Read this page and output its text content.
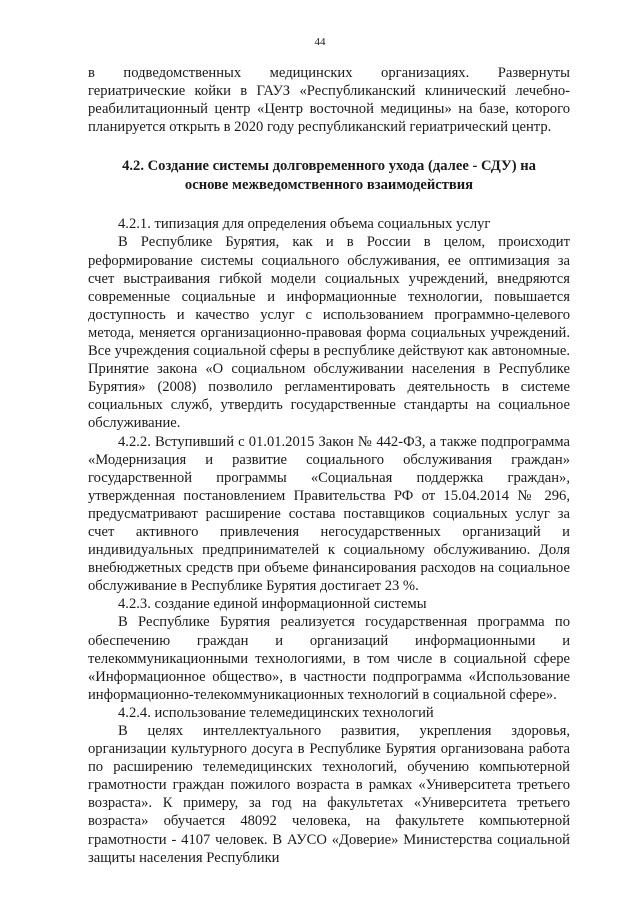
44

в подведомственных медицинских организациях. Развернуты гериатрические койки в ГАУЗ «Республиканский клинический лечебно-реабилитационный центр «Центр восточной медицины» на базе, которого планируется открыть в 2020 году республиканский гериатрический центр.

4.2. Создание системы долговременного ухода (далее - СДУ) на
основе межведомственного взаимодействия

4.2.1. типизация для определения объема социальных услуг

В Республике Бурятия, как и в России в целом, происходит реформирование системы социального обслуживания, ее оптимизация за счет выстраивания гибкой модели социальных учреждений, внедряются современные социальные и информационные технологии, повышается доступность и качество услуг с использованием программно-целевого метода, меняется организационно-правовая форма социальных учреждений. Все учреждения социальной сферы в республике действуют как автономные. Принятие закона «О социальном обслуживании населения в Республике Бурятия» (2008) позволило регламентировать деятельность в системе социальных служб, утвердить государственные стандарты на социальное обслуживание.

4.2.2. Вступивший с 01.01.2015 Закон № 442-ФЗ, а также подпрограмма «Модернизация и развитие социального обслуживания граждан» государственной программы «Социальная поддержка граждан», утвержденная постановлением Правительства РФ от 15.04.2014 № 296, предусматривают расширение состава поставщиков социальных услуг за счет активного привлечения негосударственных организаций и индивидуальных предпринимателей к социальному обслуживанию. Доля внебюджетных средств при объеме финансирования расходов на социальное обслуживание в Республике Бурятия достигает 23 %.

4.2.3. создание единой информационной системы

В Республике Бурятия реализуется государственная программа по обеспечению граждан и организаций информационными и телекоммуникационными технологиями, в том числе в социальной сфере «Информационное общество», в частности подпрограмма «Использование информационно-телекоммуникационных технологий в социальной сфере».

4.2.4. использование телемедицинских технологий

В целях интеллектуального развития, укрепления здоровья, организации культурного досуга в Республике Бурятия организована работа по расширению телемедицинских технологий, обучению компьютерной грамотности граждан пожилого возраста в рамках «Университета третьего возраста». К примеру, за год на факультетах «Университета третьего возраста» обучается 48092 человека, на факультете компьютерной грамотности - 4107 человек. В АУСО «Доверие» Министерства социальной защиты населения Республики
